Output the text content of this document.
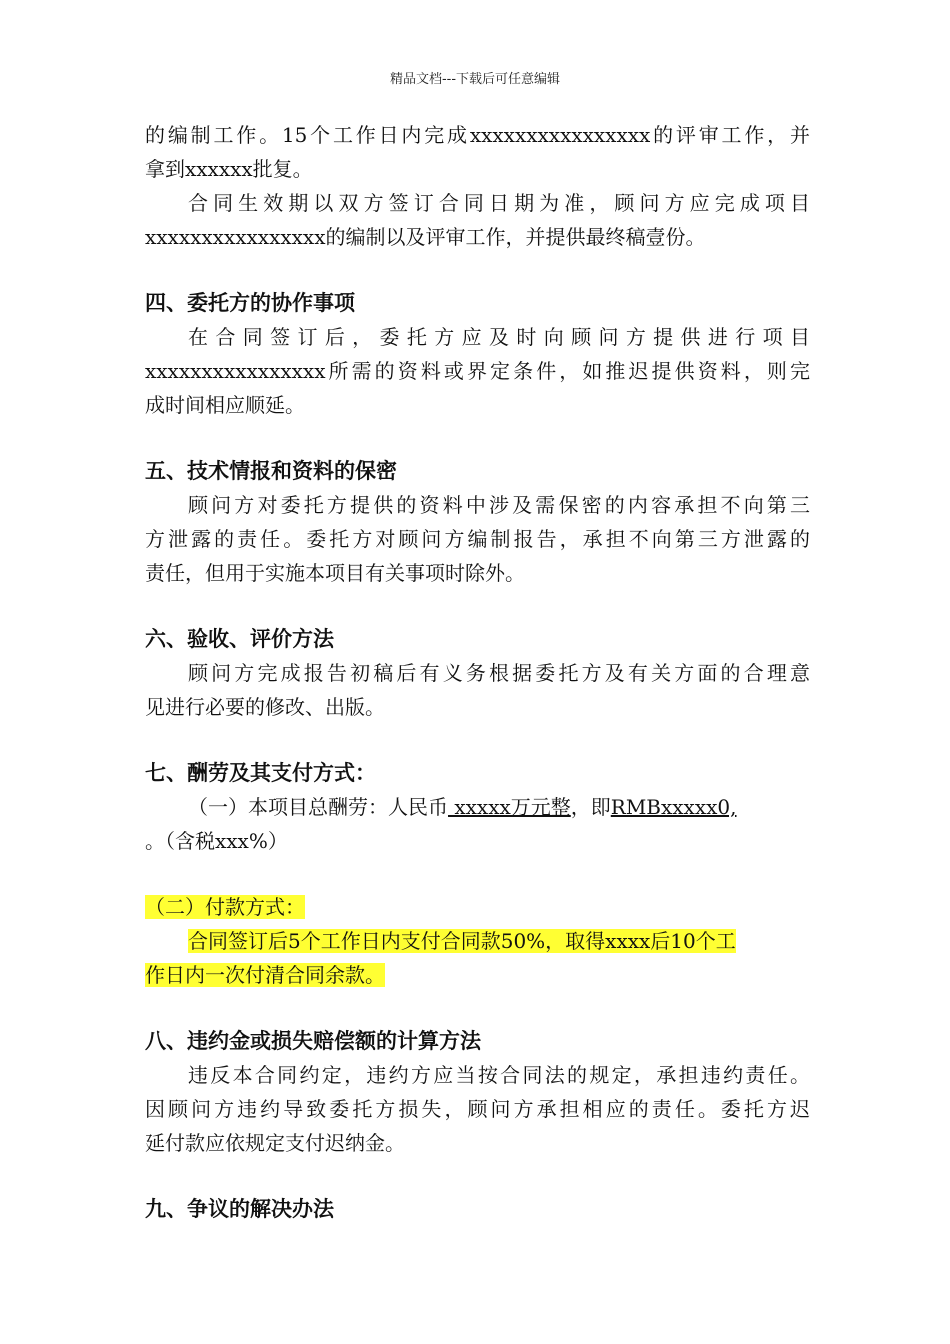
精品文档---下载后可任意编辑
的编制工作。15个工作日内完成xxxxxxxxxxxxxxxx的评审工作，并
拿到xxxxxx批复。
合同生效期以双方签订合同日期为准，顾问方应完成项目
xxxxxxxxxxxxxxxx的编制以及评审工作，并提供最终稿壹份。
四、委托方的协作事项
在合同签订后，委托方应及时向顾问方提供进行项目
xxxxxxxxxxxxxxxx所需的资料或界定条件，如推迟提供资料，则完
成时间相应顺延。
五、技术情报和资料的保密
顾问方对委托方提供的资料中涉及需保密的内容承担不向第三
方泄露的责任。委托方对顾问方编制报告，承担不向第三方泄露的
责任，但用于实施本项目有关事项时除外。
六、验收、评价方法
顾问方完成报告初稿后有义务根据委托方及有关方面的合理意
见进行必要的修改、出版。
七、酬劳及其支付方式：
（一）本项目总酬劳：人民币 xxxxx万元整，即RMBxxxxx0,
。（含税xxx%）
（二）付款方式：
合同签订后5个工作日内支付合同款50%，取得xxxx后10个工
作日内一次付清合同余款。
八、违约金或损失赔偿额的计算方法
违反本合同约定，违约方应当按合同法的规定，承担违约责任。
因顾问方违约导致委托方损失，顾问方承担相应的责任。委托方迟
延付款应依规定支付迟纳金。
九、争议的解决办法
